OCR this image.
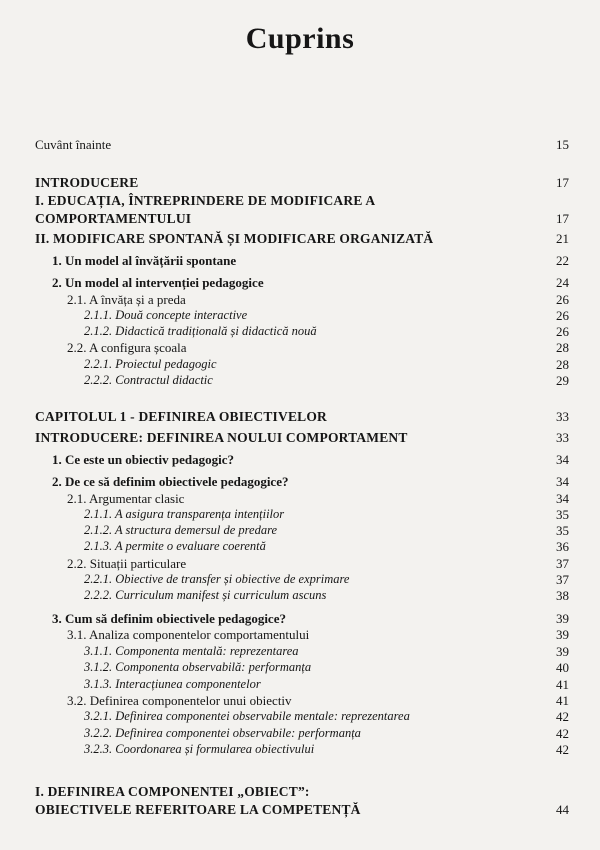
Cuprins
Cuvânt înainte	15
INTRODUCERE	17
I. EDUCAȚIA, ÎNTREPRINDERE DE MODIFICARE A
COMPORTAMENTULUI	17
II. MODIFICARE SPONTANĂ ȘI MODIFICARE ORGANIZATĂ	21
1. Un model al învățării spontane	22
2. Un model al intervenției pedagogice	24
2.1. A învăța și a preda	26
2.1.1. Două concepte interactive	26
2.1.2. Didactică tradițională și didactică nouă	26
2.2. A configura școala	28
2.2.1. Proiectul pedagogic	28
2.2.2. Contractul didactic	29
CAPITOLUL 1 - DEFINIREA OBIECTIVELOR	33
INTRODUCERE: DEFINIREA NOULUI COMPORTAMENT	33
1. Ce este un obiectiv pedagogic?	34
2. De ce să definim obiectivele pedagogice?	34
2.1. Argumentar clasic	34
2.1.1. A asigura transparența intențiilor	35
2.1.2. A structura demersul de predare	35
2.1.3. A permite o evaluare coerentă	36
2.2. Situații particulare	37
2.2.1. Obiective de transfer și obiective de exprimare	37
2.2.2. Curriculum manifest și curriculum ascuns	38
3. Cum să definim obiectivele pedagogice?	39
3.1. Analiza componentelor comportamentului	39
3.1.1. Componenta mentală: reprezentarea	39
3.1.2. Componenta observabilă: performanța	40
3.1.3. Interacțiunea componentelor	41
3.2. Definirea componentelor unui obiectiv	41
3.2.1. Definirea componentei observabile mentale: reprezentarea	42
3.2.2. Definirea componentei observabile: performanța	42
3.2.3. Coordonarea și formularea obiectivului	42
I. DEFINIREA COMPONENTEI „OBIECT”:
OBIECTIVELE REFERITOARE LA COMPETENȚĂ	44
